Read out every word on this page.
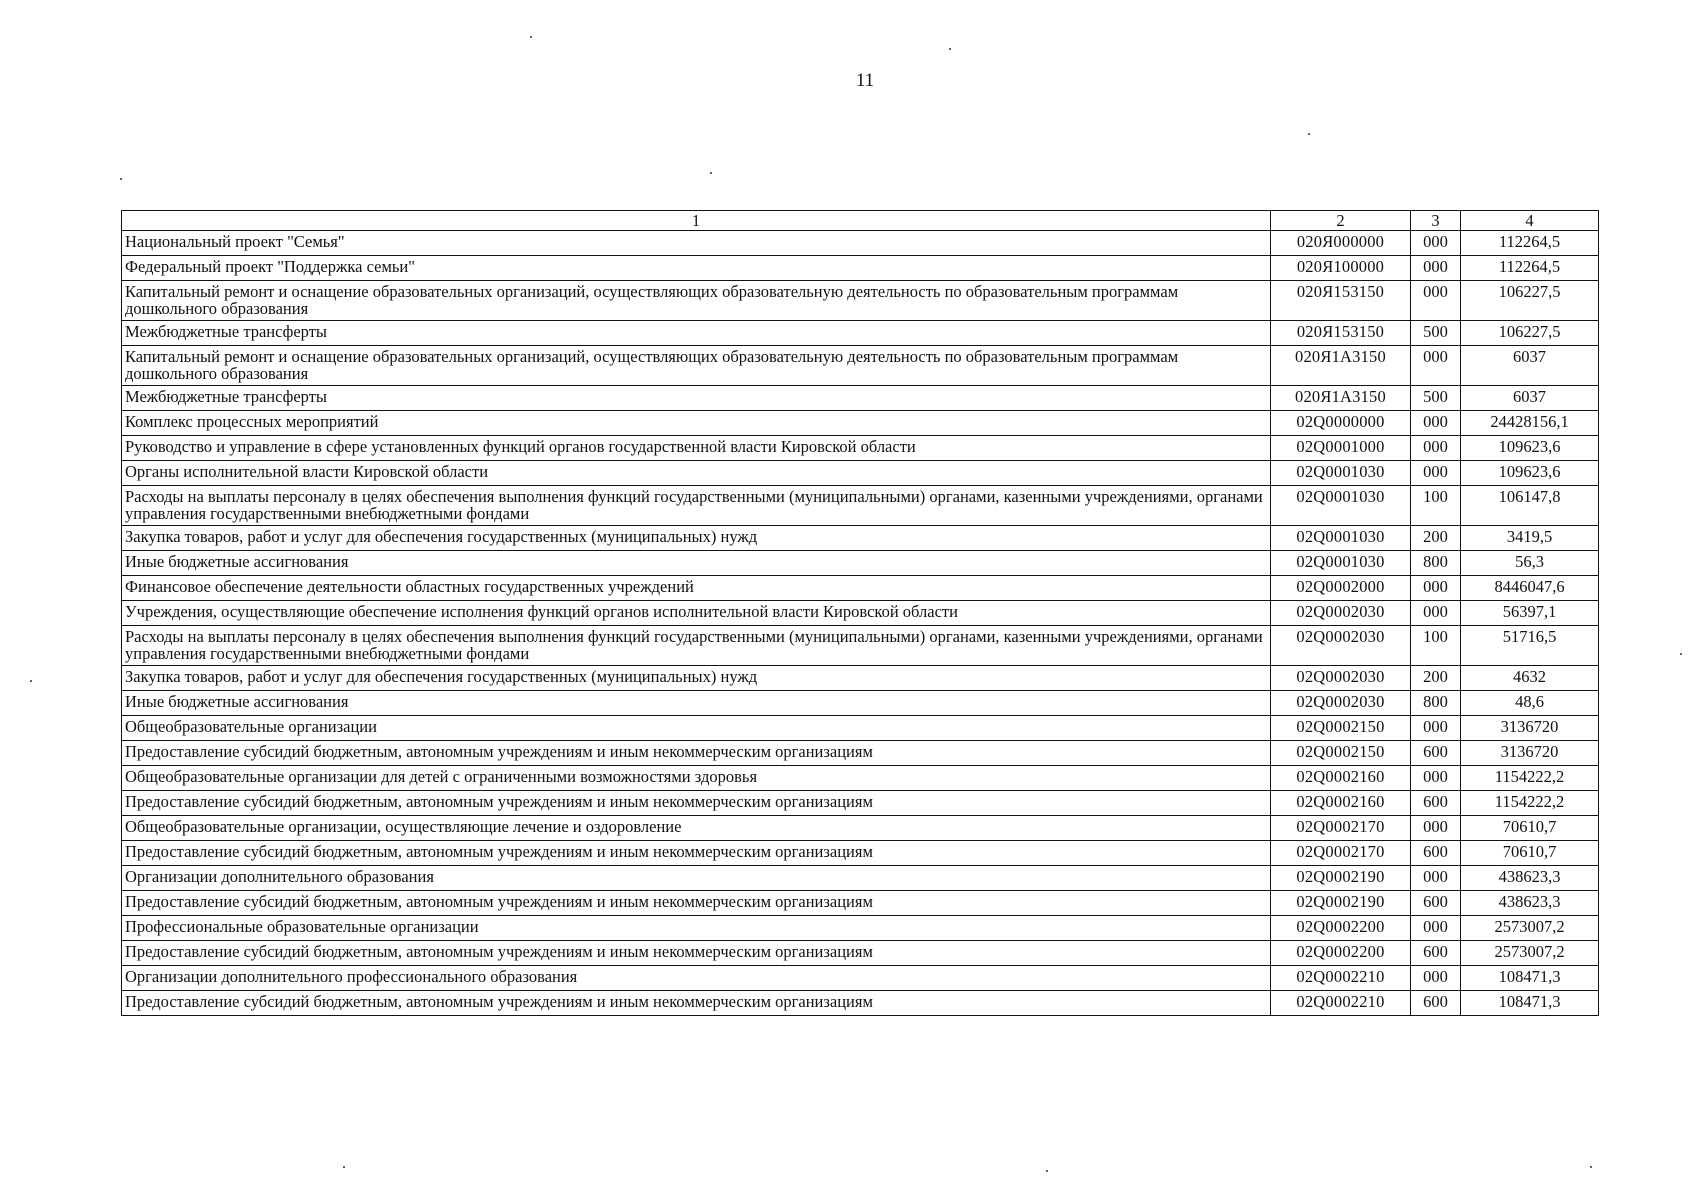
11
1	2	3	4
Национальный проект "Семья"	020Я000000	000	112264,5
Федеральный проект "Поддержка семьи"	020Я100000	000	112264,5
Капитальный ремонт и оснащение образовательных организаций, осуществляющих образовательную деятельность по образовательным программам дошкольного образования	020Я153150	000	106227,5
Межбюджетные трансферты	020Я153150	500	106227,5
Капитальный ремонт и оснащение образовательных организаций, осуществляющих образовательную деятельность по образовательным программам дошкольного образования	020Я1А3150	000	6037
Межбюджетные трансферты	020Я1А3150	500	6037
Комплекс процессных мероприятий	02Q0000000	000	24428156,1
Руководство и управление в сфере установленных функций органов государственной власти Кировской области	02Q0001000	000	109623,6
Органы исполнительной власти Кировской области	02Q0001030	000	109623,6
Расходы на выплаты персоналу в целях обеспечения выполнения функций государственными (муниципальными) органами, казенными учреждениями, органами управления государственными внебюджетными фондами	02Q0001030	100	106147,8
Закупка товаров, работ и услуг для обеспечения государственных (муниципальных) нужд	02Q0001030	200	3419,5
Иные бюджетные ассигнования	02Q0001030	800	56,3
Финансовое обеспечение деятельности областных государственных учреждений	02Q0002000	000	8446047,6
Учреждения, осуществляющие обеспечение исполнения функций органов исполнительной власти Кировской области	02Q0002030	000	56397,1
Расходы на выплаты персоналу в целях обеспечения выполнения функций государственными (муниципальными) органами, казенными учреждениями, органами управления государственными внебюджетными фондами	02Q0002030	100	51716,5
Закупка товаров, работ и услуг для обеспечения государственных (муниципальных) нужд	02Q0002030	200	4632
Иные бюджетные ассигнования	02Q0002030	800	48,6
Общеобразовательные организации	02Q0002150	000	3136720
Предоставление субсидий бюджетным, автономным учреждениям и иным некоммерческим организациям	02Q0002150	600	3136720
Общеобразовательные организации для детей с ограниченными возможностями здоровья	02Q0002160	000	1154222,2
Предоставление субсидий бюджетным, автономным учреждениям и иным некоммерческим организациям	02Q0002160	600	1154222,2
Общеобразовательные организации, осуществляющие лечение и оздоровление	02Q0002170	000	70610,7
Предоставление субсидий бюджетным, автономным учреждениям и иным некоммерческим организациям	02Q0002170	600	70610,7
Организации дополнительного образования	02Q0002190	000	438623,3
Предоставление субсидий бюджетным, автономным учреждениям и иным некоммерческим организациям	02Q0002190	600	438623,3
Профессиональные образовательные организации	02Q0002200	000	2573007,2
Предоставление субсидий бюджетным, автономным учреждениям и иным некоммерческим организациям	02Q0002200	600	2573007,2
Организации дополнительного профессионального образования	02Q0002210	000	108471,3
Предоставление субсидий бюджетным, автономным учреждениям и иным некоммерческим организациям	02Q0002210	600	108471,3
